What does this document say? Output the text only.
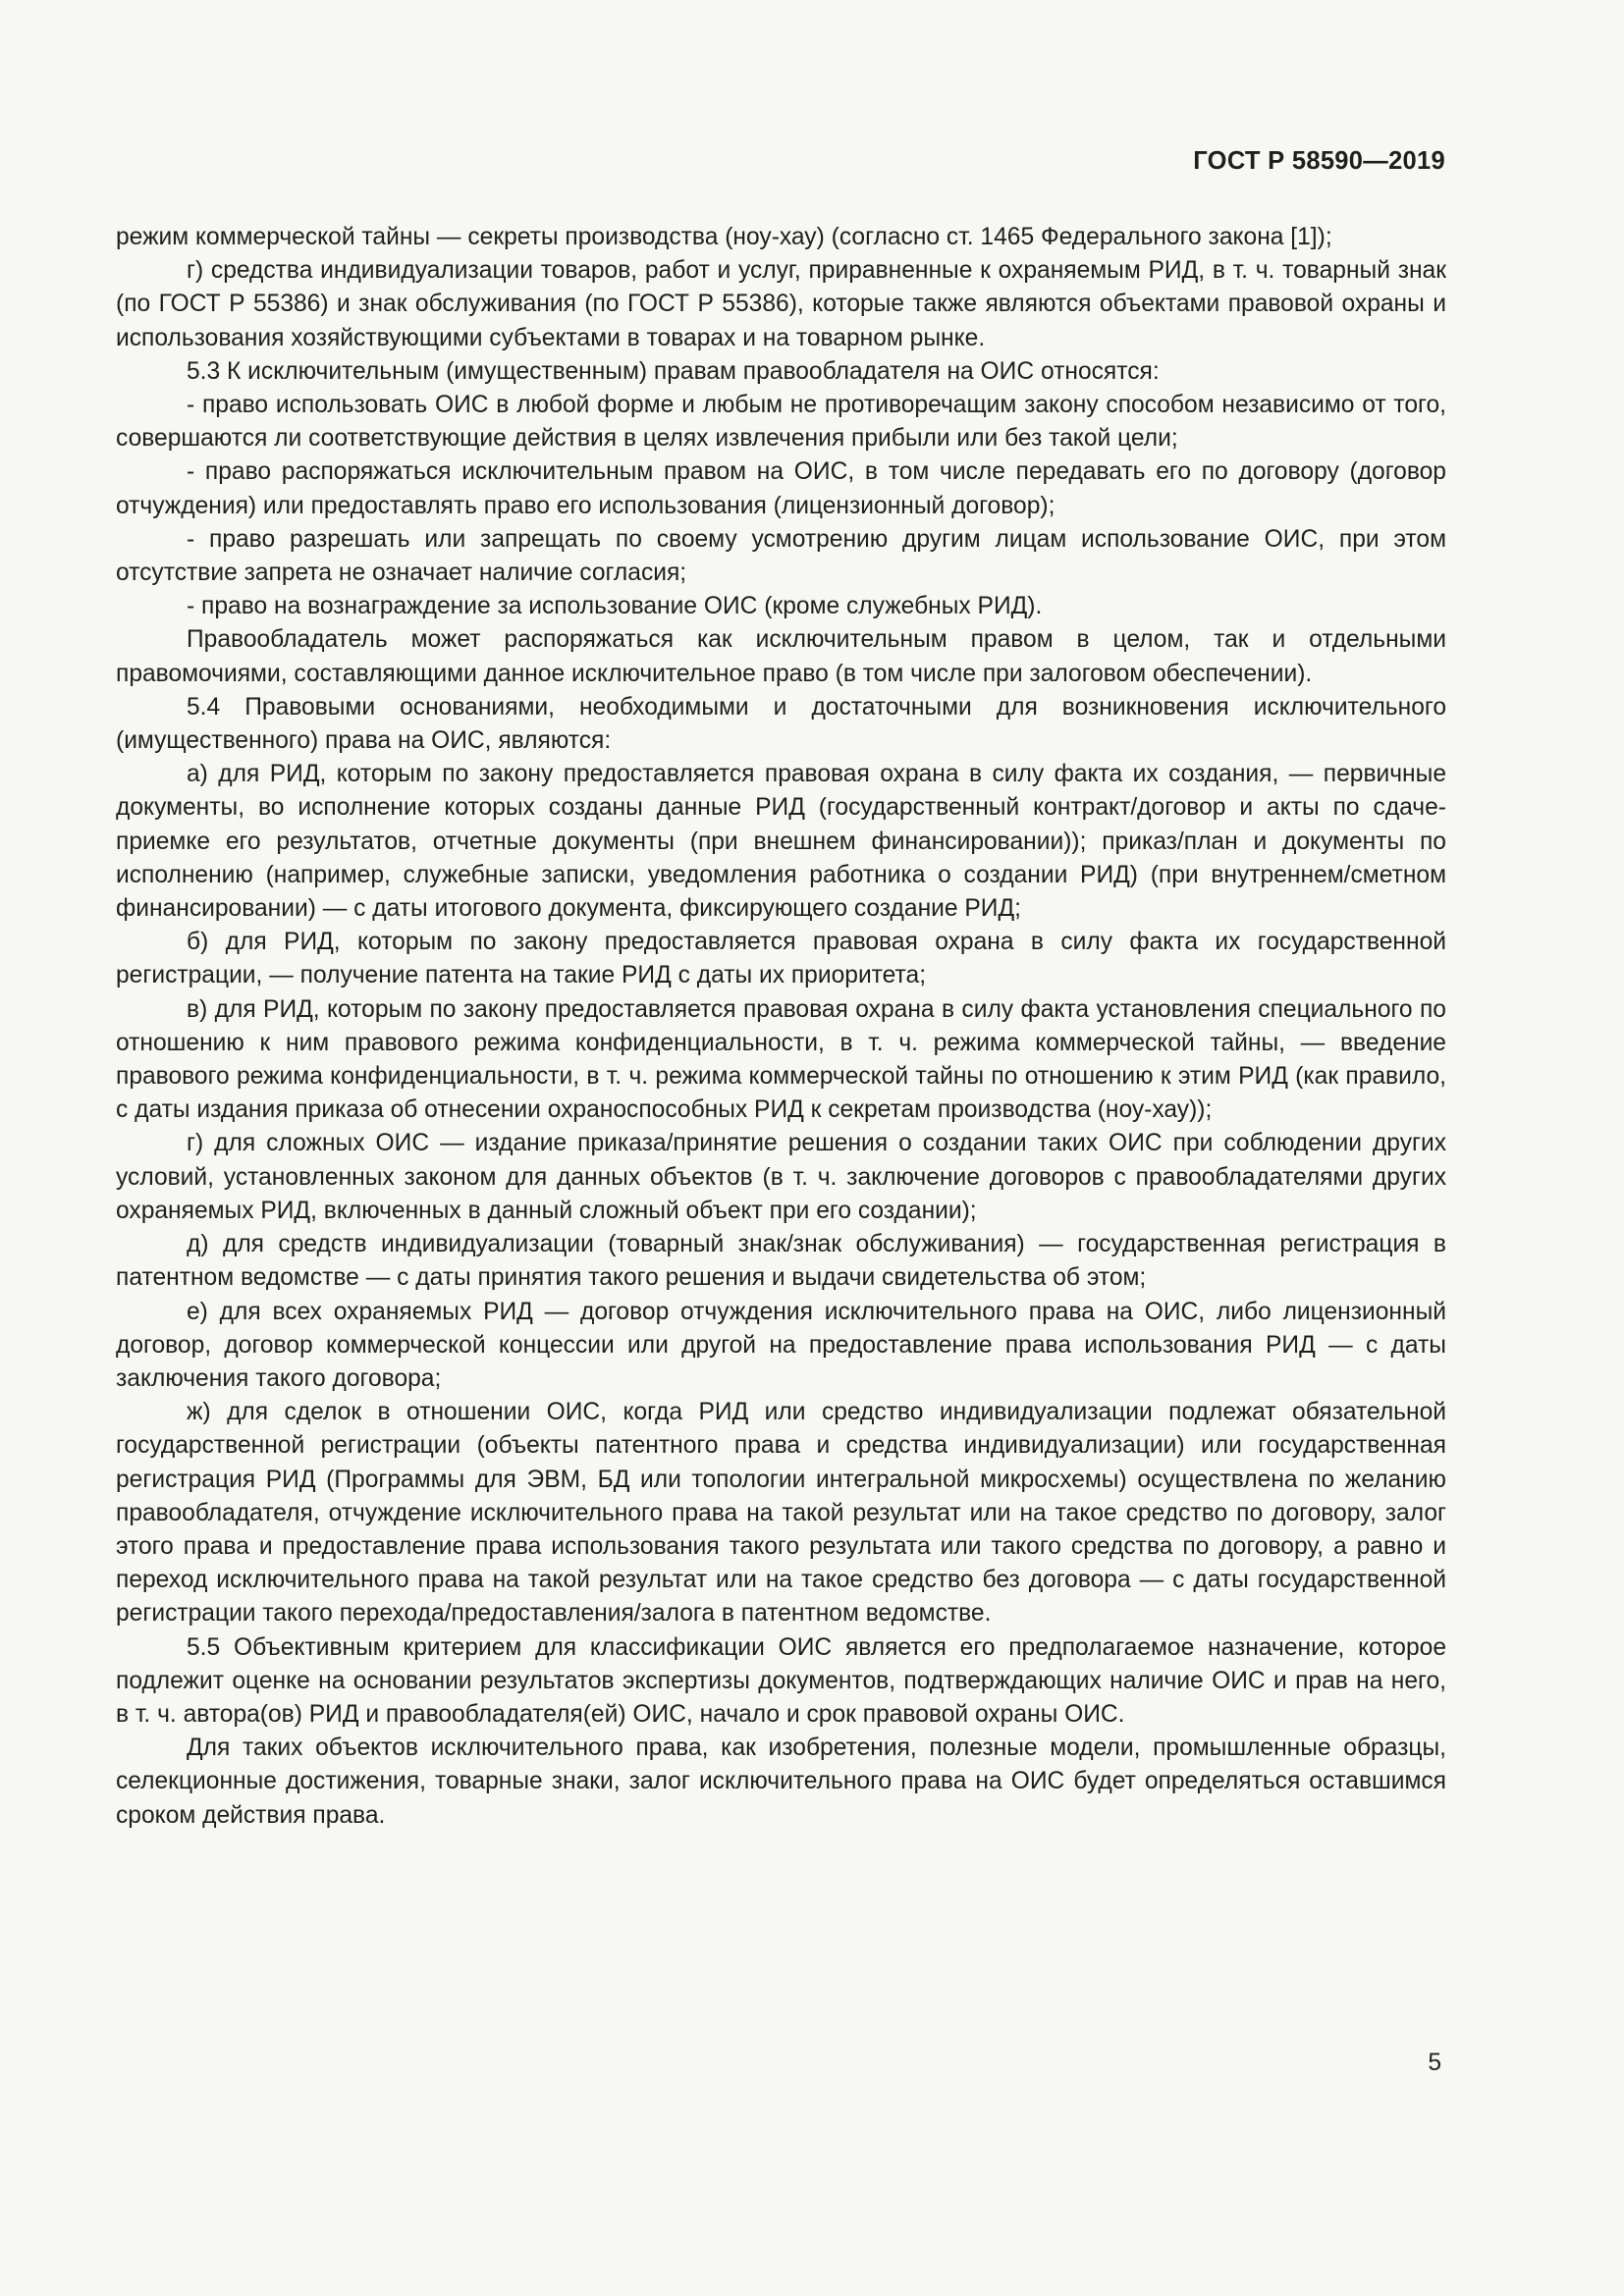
ГОСТ Р 58590—2019

режим коммерческой тайны — секреты производства (ноу-хау) (согласно ст. 1465 Федерального закона [1]);

г) средства индивидуализации товаров, работ и услуг, приравненные к охраняемым РИД, в т. ч. товарный знак (по ГОСТ Р 55386) и знак обслуживания (по ГОСТ Р 55386), которые также являются объектами правовой охраны и использования хозяйствующими субъектами в товарах и на товарном рынке.

5.3 К исключительным (имущественным) правам правообладателя на ОИС относятся:

- право использовать ОИС в любой форме и любым не противоречащим закону способом независимо от того, совершаются ли соответствующие действия в целях извлечения прибыли или без такой цели;

- право распоряжаться исключительным правом на ОИС, в том числе передавать его по договору (договор отчуждения) или предоставлять право его использования (лицензионный договор);

- право разрешать или запрещать по своему усмотрению другим лицам использование ОИС, при этом отсутствие запрета не означает наличие согласия;

- право на вознаграждение за использование ОИС (кроме служебных РИД).

Правообладатель может распоряжаться как исключительным правом в целом, так и отдельными правомочиями, составляющими данное исключительное право (в том числе при залоговом обеспечении).

5.4 Правовыми основаниями, необходимыми и достаточными для возникновения исключительного (имущественного) права на ОИС, являются:

а) для РИД, которым по закону предоставляется правовая охрана в силу факта их создания, — первичные документы, во исполнение которых созданы данные РИД (государственный контракт/договор и акты по сдаче-приемке его результатов, отчетные документы (при внешнем финансировании)); приказ/план и документы по исполнению (например, служебные записки, уведомления работника о создании РИД) (при внутреннем/сметном финансировании) — с даты итогового документа, фиксирующего создание РИД;

б) для РИД, которым по закону предоставляется правовая охрана в силу факта их государственной регистрации, — получение патента на такие РИД с даты их приоритета;

в) для РИД, которым по закону предоставляется правовая охрана в силу факта установления специального по отношению к ним правового режима конфиденциальности, в т. ч. режима коммерческой тайны, — введение правового режима конфиденциальности, в т. ч. режима коммерческой тайны по отношению к этим РИД (как правило, с даты издания приказа об отнесении охраноспособных РИД к секретам производства (ноу-хау));

г) для сложных ОИС — издание приказа/принятие решения о создании таких ОИС при соблюдении других условий, установленных законом для данных объектов (в т. ч. заключение договоров с правообладателями других охраняемых РИД, включенных в данный сложный объект при его создании);

д) для средств индивидуализации (товарный знак/знак обслуживания) — государственная регистрация в патентном ведомстве — с даты принятия такого решения и выдачи свидетельства об этом;

е) для всех охраняемых РИД — договор отчуждения исключительного права на ОИС, либо лицензионный договор, договор коммерческой концессии или другой на предоставление права использования РИД — с даты заключения такого договора;

ж) для сделок в отношении ОИС, когда РИД или средство индивидуализации подлежат обязательной государственной регистрации (объекты патентного права и средства индивидуализации) или государственная регистрация РИД (Программы для ЭВМ, БД или топологии интегральной микросхемы) осуществлена по желанию правообладателя, отчуждение исключительного права на такой результат или на такое средство по договору, залог этого права и предоставление права использования такого результата или такого средства по договору, а равно и переход исключительного права на такой результат или на такое средство без договора — с даты государственной регистрации такого перехода/предоставления/залога в патентном ведомстве.

5.5 Объективным критерием для классификации ОИС является его предполагаемое назначение, которое подлежит оценке на основании результатов экспертизы документов, подтверждающих наличие ОИС и прав на него, в т. ч. автора(ов) РИД и правообладателя(ей) ОИС, начало и срок правовой охраны ОИС.

Для таких объектов исключительного права, как изобретения, полезные модели, промышленные образцы, селекционные достижения, товарные знаки, залог исключительного права на ОИС будет определяться оставшимся сроком действия права.

5
